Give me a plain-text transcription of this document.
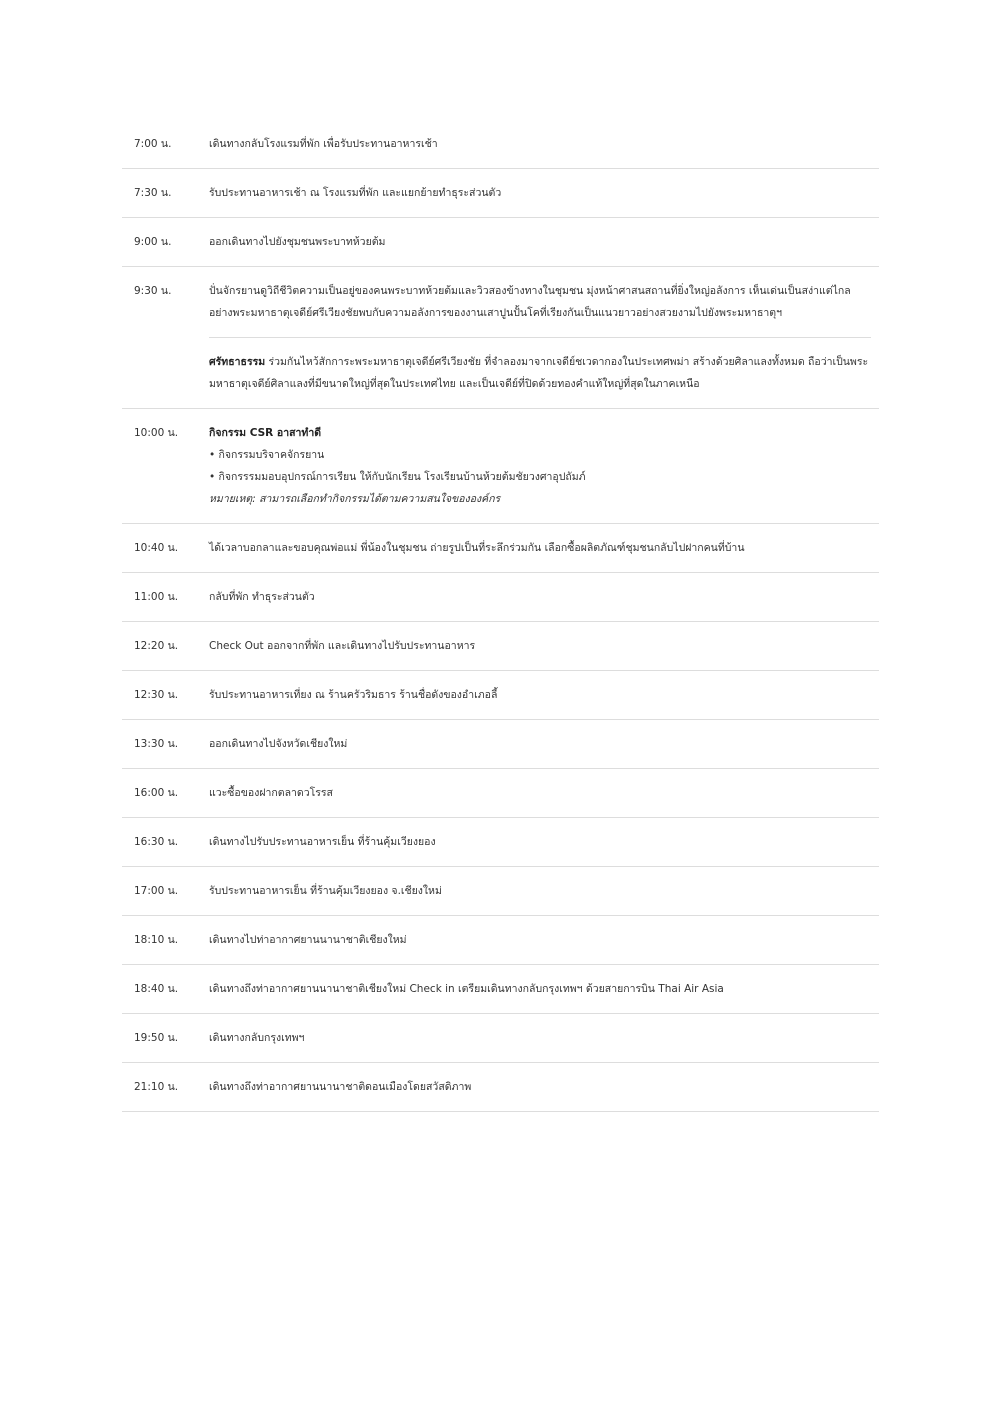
7:00 น.	เดินทางกลับโรงแรมที่พัก เพื่อรับประทานอาหารเช้า
7:30 น.	รับประทานอาหารเช้า ณ โรงแรมที่พัก และแยกย้ายทำธุระส่วนตัว
9:00 น.	ออกเดินทางไปยังชุมชนพระบาทห้วยต้ม
9:30 น.	ปั่นจักรยานดูวิถีชีวิตความเป็นอยู่ของคนพระบาทห้วยต้มและวิวสองข้างทางในชุมชน มุ่งหน้าศาสนสถานที่ยิ่งใหญ่อลังการ เห็นเด่นเป็นสง่าแต่ไกล อย่างพระมหาธาตุเจดีย์ศรีเวียงชัยพบกับความอลังการของงานเสาปูนปั้นโคที่เรียงกันเป็นแนวยาวอย่างสวยงามไปยังพระมหาธาตุฯ
ศรัทธาธรรม ร่วมกันไหว้สักการะพระมหาธาตุเจดีย์ศรีเวียงชัย ที่จำลองมาจากเจดีย์ชเวดากองในประเทศพม่า สร้างด้วยศิลาแลงทั้งหมด ถือว่าเป็นพระมหาธาตุเจดีย์ศิลาแลงที่มีขนาดใหญ่ที่สุดในประเทศไทย และเป็นเจดีย์ที่ปิดด้วยทองคำแท้ใหญ่ที่สุดในภาคเหนือ
10:00 น.	กิจกรรม CSR อาสาทำดี
• กิจกรรมบริจาคจักรยาน
• กิจกรรรมมอบอุปกรณ์การเรียน ให้กับนักเรียน โรงเรียนบ้านห้วยต้มชัยวงศาอุปถัมภ์
หมายเหตุ: สามารถเลือกทำกิจกรรมได้ตามความสนใจขององค์กร
10:40 น.	ได้เวลาบอกลาและขอบคุณพ่อแม่ พี่น้องในชุมชน ถ่ายรูปเป็นที่ระลึกร่วมกัน เลือกซื้อผลิตภัณฑ์ชุมชนกลับไปฝากคนที่บ้าน
11:00 น.	กลับที่พัก ทำธุระส่วนตัว
12:20 น.	Check Out ออกจากที่พัก และเดินทางไปรับประทานอาหาร
12:30 น.	รับประทานอาหารเที่ยง ณ ร้านครัวริมธาร ร้านชื่อดังของอำเภอลี้
13:30 น.	ออกเดินทางไปจังหวัดเชียงใหม่
16:00 น.	แวะซื้อของฝากตลาดวโรรส
16:30 น.	เดินทางไปรับประทานอาหารเย็น ที่ร้านคุ้มเวียงยอง
17:00 น.	รับประทานอาหารเย็น ที่ร้านคุ้มเวียงยอง จ.เชียงใหม่
18:10 น.	เดินทางไปท่าอากาศยานนานาชาติเชียงใหม่
18:40 น.	เดินทางถึงท่าอากาศยานนานาชาติเชียงใหม่ Check in เตรียมเดินทางกลับกรุงเทพฯ ด้วยสายการบิน Thai Air Asia
19:50 น.	เดินทางกลับกรุงเทพฯ
21:10 น.	เดินทางถึงท่าอากาศยานนานาชาติดอนเมืองโดยสวัสดิภาพ
